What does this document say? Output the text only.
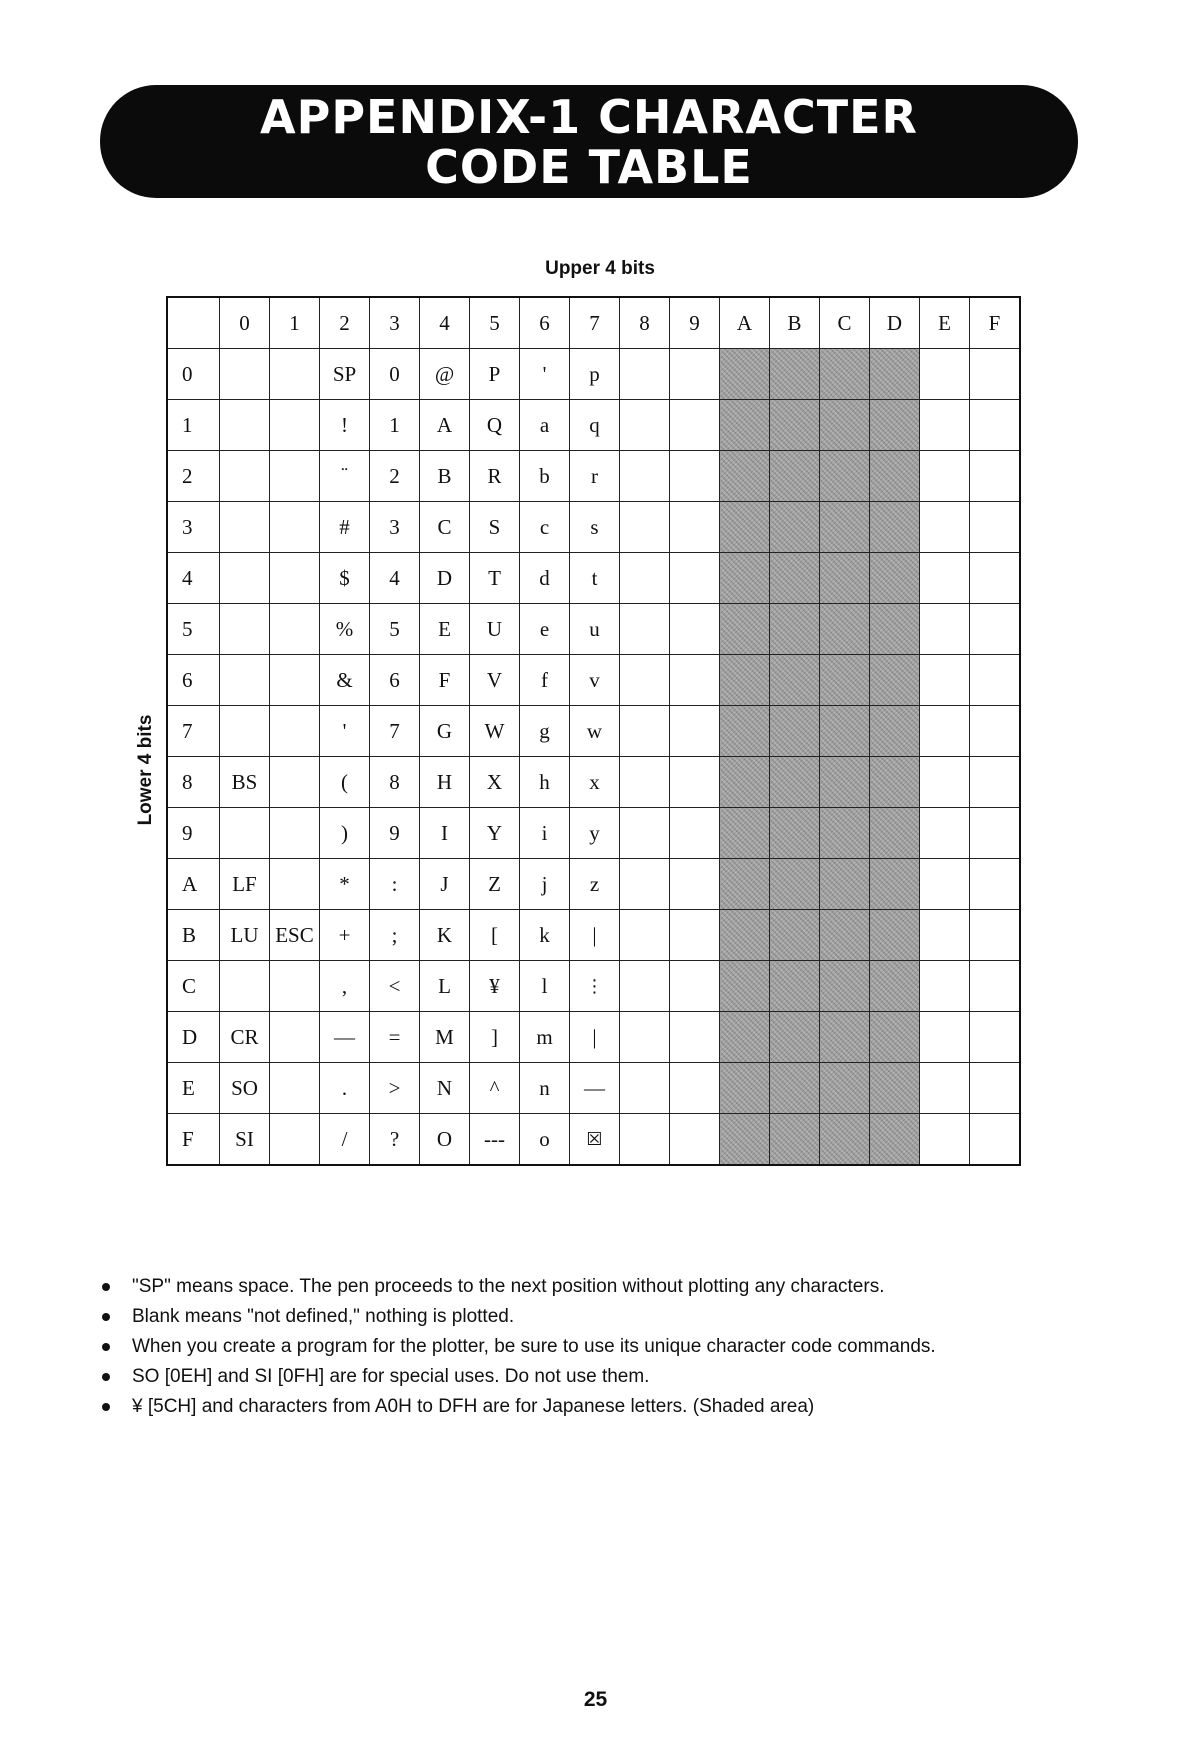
APPENDIX-1 CHARACTER
CODE TABLE
Upper 4 bits
Lower 4 bits
	0	1	2	3	4	5	6	7	8	9	A	B	C	D	E	F
0			SP	0	@	P	'	p								
1			!	1	A	Q	a	q								
2			¨	2	B	R	b	r								
3			#	3	C	S	c	s								
4			$	4	D	T	d	t								
5			%	5	E	U	e	u								
6			&	6	F	V	f	v								
7			'	7	G	W	g	w								
8	BS		(	8	H	X	h	x								
9			)	9	I	Y	i	y								
A	LF		*	:	J	Z	j	z								
B	LU	ESC	+	;	K	[	k	|								
C			,	<	L	¥	l	⋮								
D	CR		—	=	M	]	m	|								
E	SO		.	>	N	^	n	—								
F	SI		/	?	O	---	o	☒								
"SP" means space. The pen proceeds to the next position without plotting any characters.
Blank means "not defined," nothing is plotted.
When you create a program for the plotter, be sure to use its unique character code commands.
SO [0EH] and SI [0FH] are for special uses. Do not use them.
¥ [5CH] and characters from A0H to DFH are for Japanese letters. (Shaded area)
25
